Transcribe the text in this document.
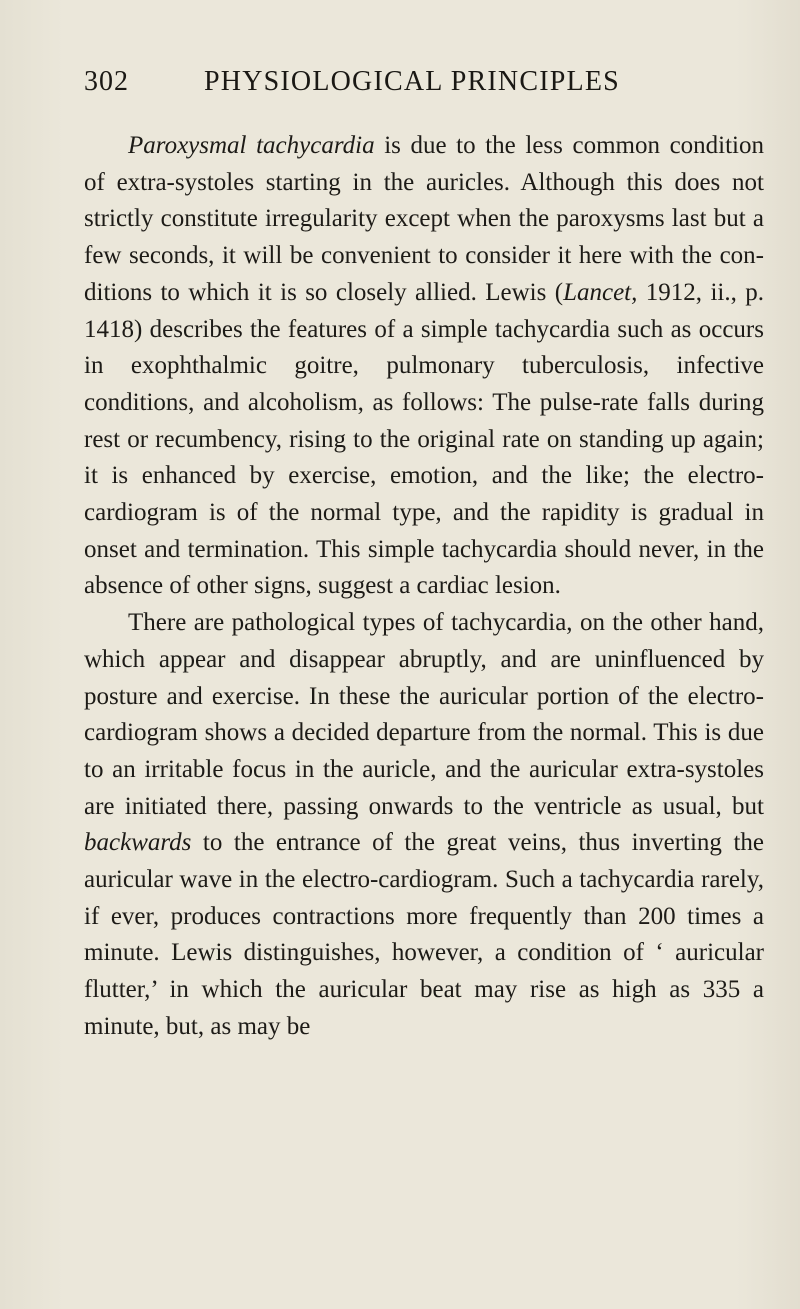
302	PHYSIOLOGICAL PRINCIPLES

Paroxysmal tachycardia is due to the less common condition of extra-systoles starting in the auricles. Although this does not strictly constitute irregularity except when the paroxysms last but a few seconds, it will be convenient to consider it here with the conditions to which it is so closely allied. Lewis (Lancet, 1912, ii., p. 1418) describes the features of a simple tachycardia such as occurs in exophthalmic goitre, pulmonary tuberculosis, infective conditions, and alcoholism, as follows: The pulse-rate falls during rest or recumbency, rising to the original rate on standing up again; it is enhanced by exercise, emotion, and the like; the electro-cardiogram is of the normal type, and the rapidity is gradual in onset and termination. This simple tachycardia should never, in the absence of other signs, suggest a cardiac lesion.

There are pathological types of tachycardia, on the other hand, which appear and disappear abruptly, and are uninfluenced by posture and exercise. In these the auricular portion of the electro-cardiogram shows a decided departure from the normal. This is due to an irritable focus in the auricle, and the auricular extra-systoles are initiated there, passing onwards to the ventricle as usual, but backwards to the entrance of the great veins, thus inverting the auricular wave in the electro-cardiogram. Such a tachycardia rarely, if ever, produces contractions more frequently than 200 times a minute. Lewis distinguishes, however, a condition of ‘ auricular flutter,’ in which the auricular beat may rise as high as 335 a minute, but, as may be
